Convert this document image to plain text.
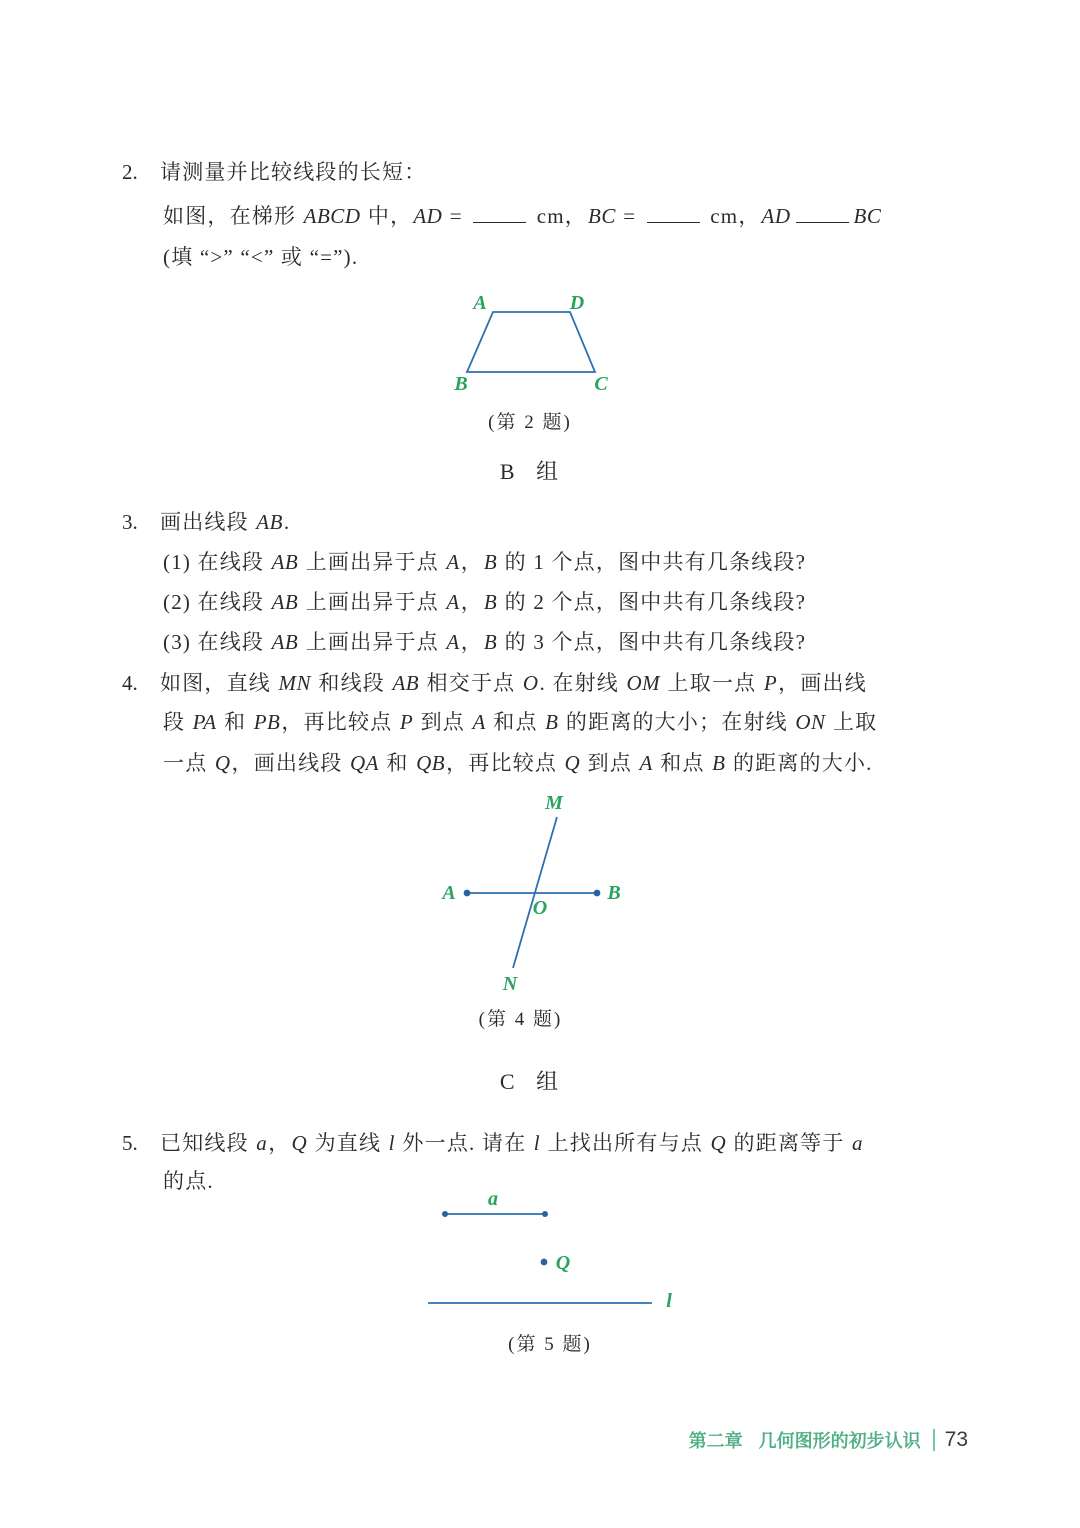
2. 请测量并比较线段的长短：
如图，在梯形 ABCD 中，AD =	cm，BC =	cm，AD	BC
(填 “>” “<” 或 “=”).
A	D
B	C
(第 2 题)
B 组
3. 画出线段 AB.
(1) 在线段 AB 上画出异于点 A，B 的 1 个点，图中共有几条线段?
(2) 在线段 AB 上画出异于点 A，B 的 2 个点，图中共有几条线段?
(3) 在线段 AB 上画出异于点 A，B 的 3 个点，图中共有几条线段?
4. 如图，直线 MN 和线段 AB 相交于点 O. 在射线 OM 上取一点 P，画出线
段 PA 和 PB，再比较点 P 到点 A 和点 B 的距离的大小；在射线 ON 上取
一点 Q，画出线段 QA 和 QB，再比较点 Q 到点 A 和点 B 的距离的大小.
M
N
A	B
O
(第 4 题)
C 组
5. 已知线段 a，Q 为直线 l 外一点. 请在 l 上找出所有与点 Q 的距离等于 a
的点.
a
Q
l
(第 5 题)
第二章 几何图形的初步认识 73
